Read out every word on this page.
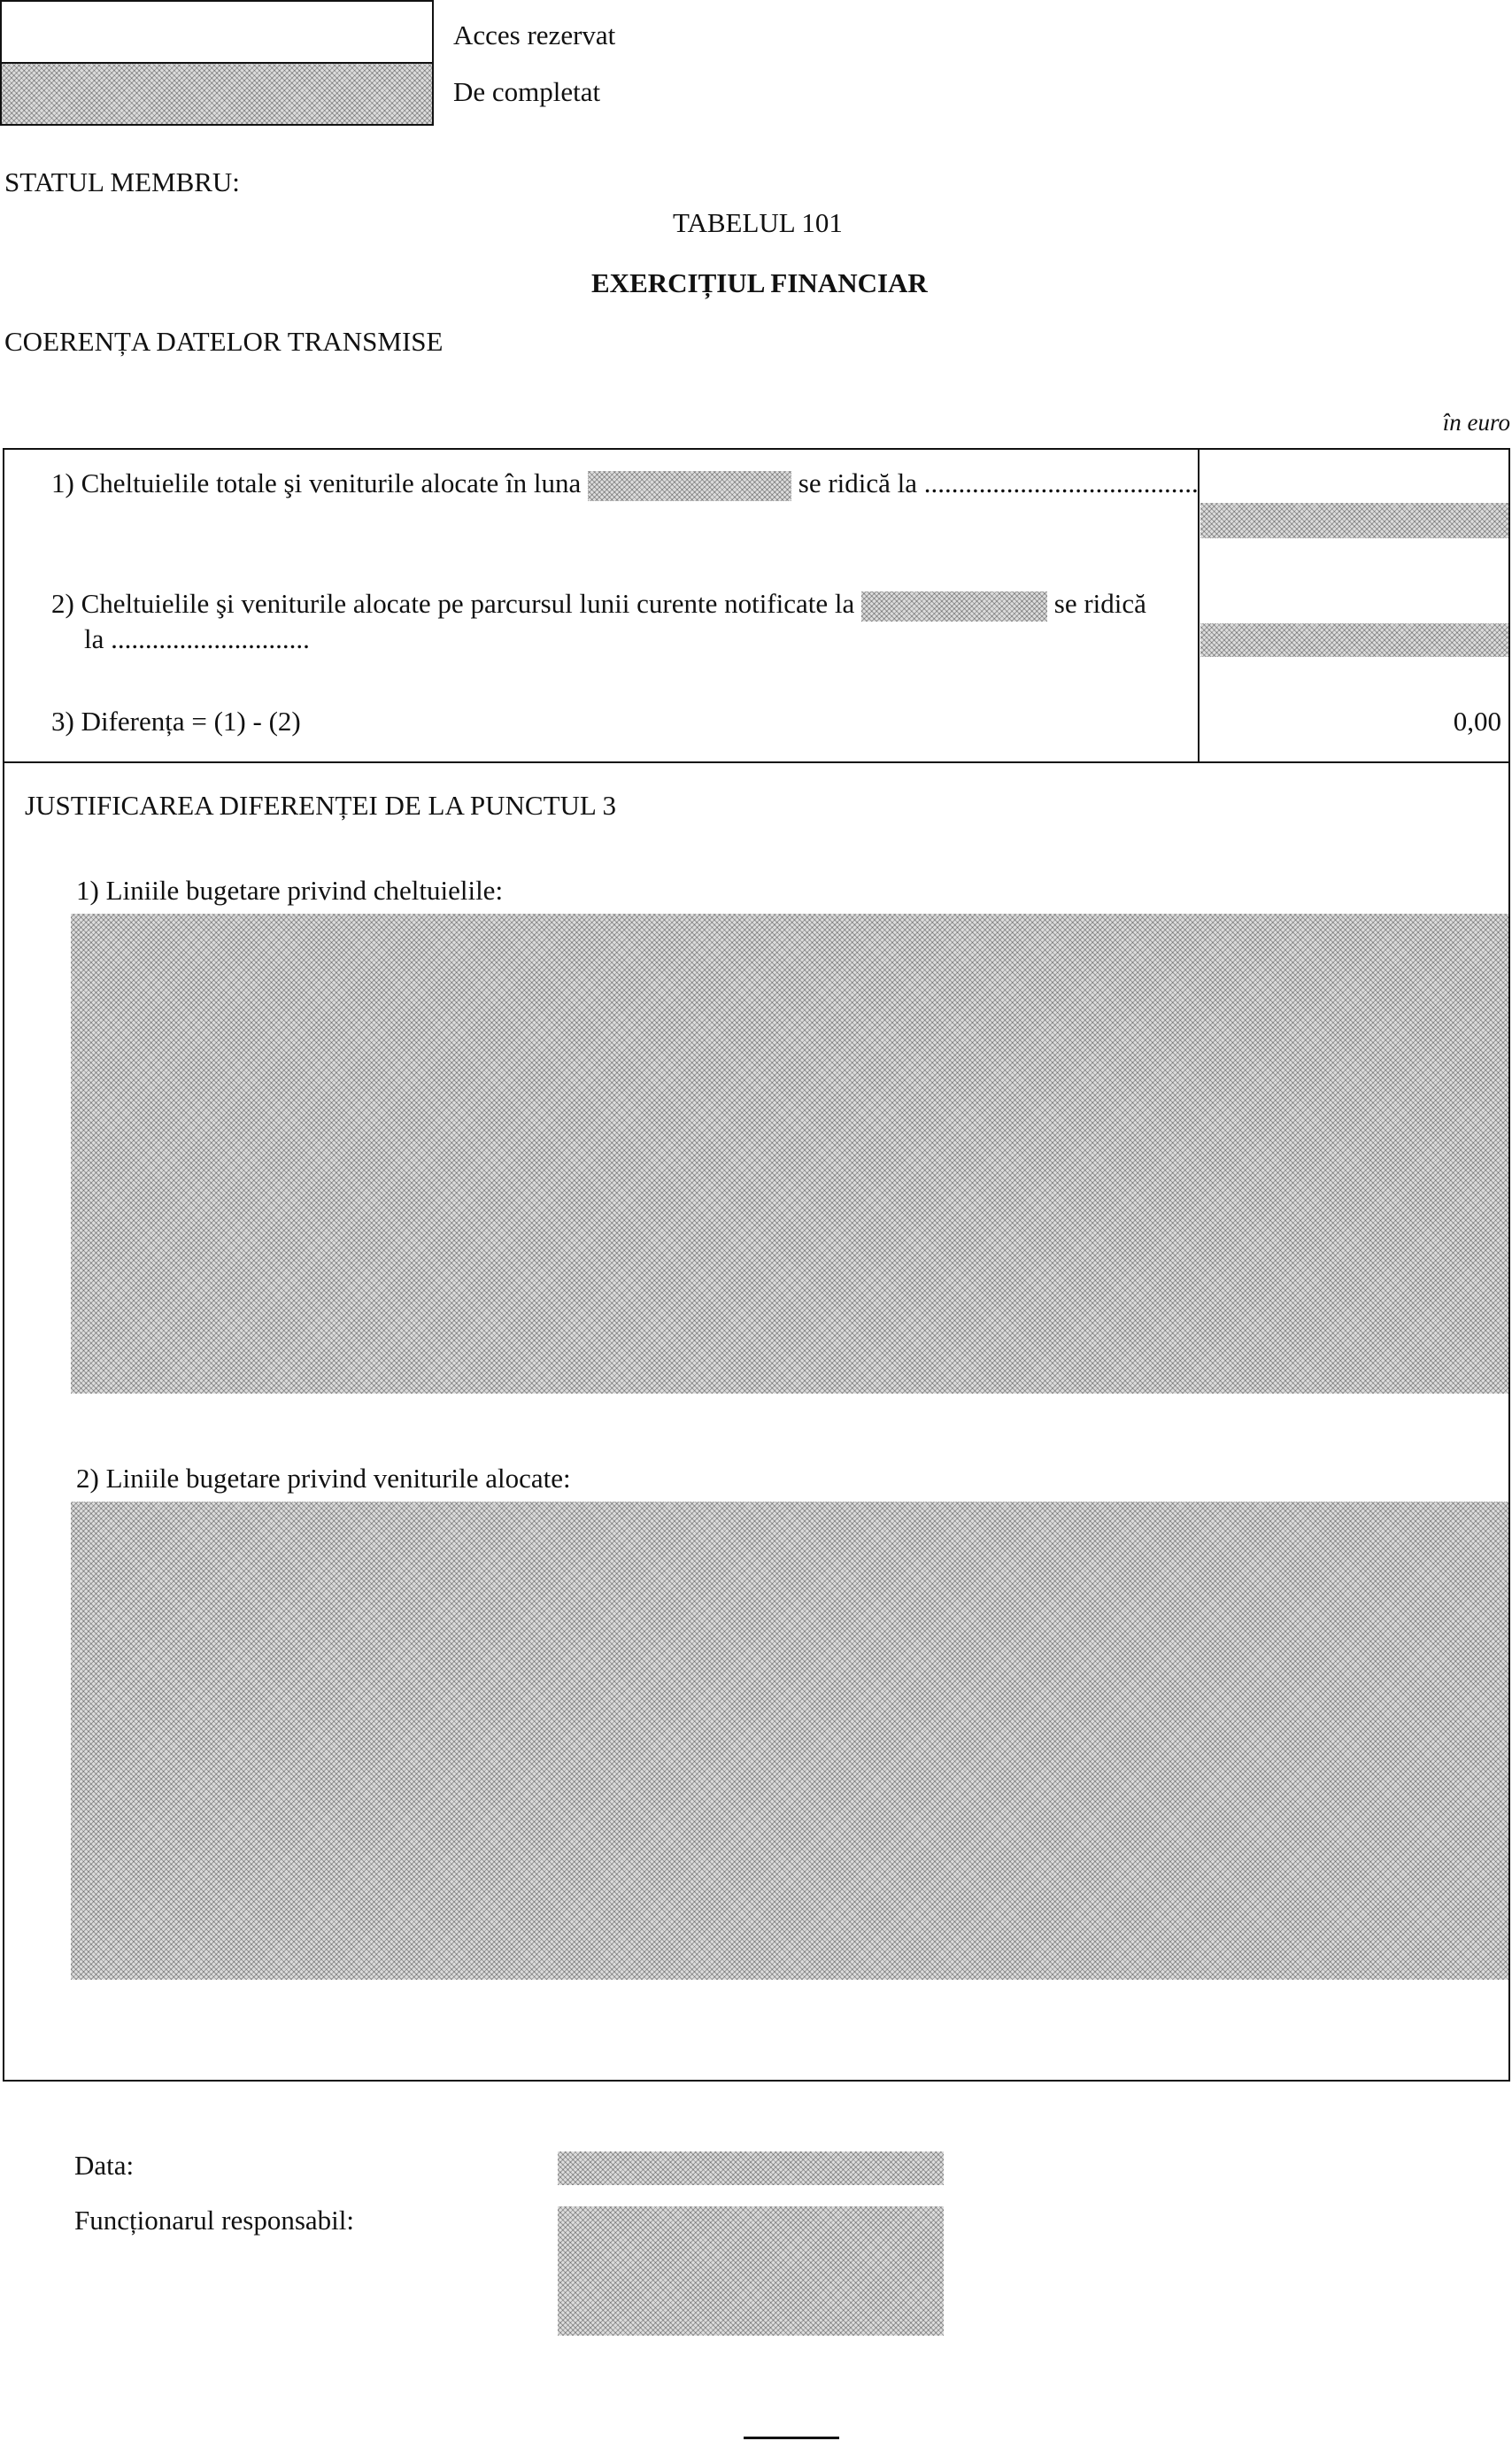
Acces rezervat
De completat
STATUL MEMBRU:
TABELUL 101
EXERCIȚIUL FINANCIAR
COERENȚA DATELOR TRANSMISE
în euro
1) Cheltuielile totale şi veniturile alocate în luna	se ridică la ........................................
2) Cheltuielile şi veniturile alocate pe parcursul lunii curente notificate la	se ridică
la .............................
3) Diferența = (1) - (2)	0,00
JUSTIFICAREA DIFERENȚEI DE LA PUNCTUL 3
1) Liniile bugetare privind cheltuielile:
2) Liniile bugetare privind veniturile alocate:
Data:
Funcționarul responsabil:
